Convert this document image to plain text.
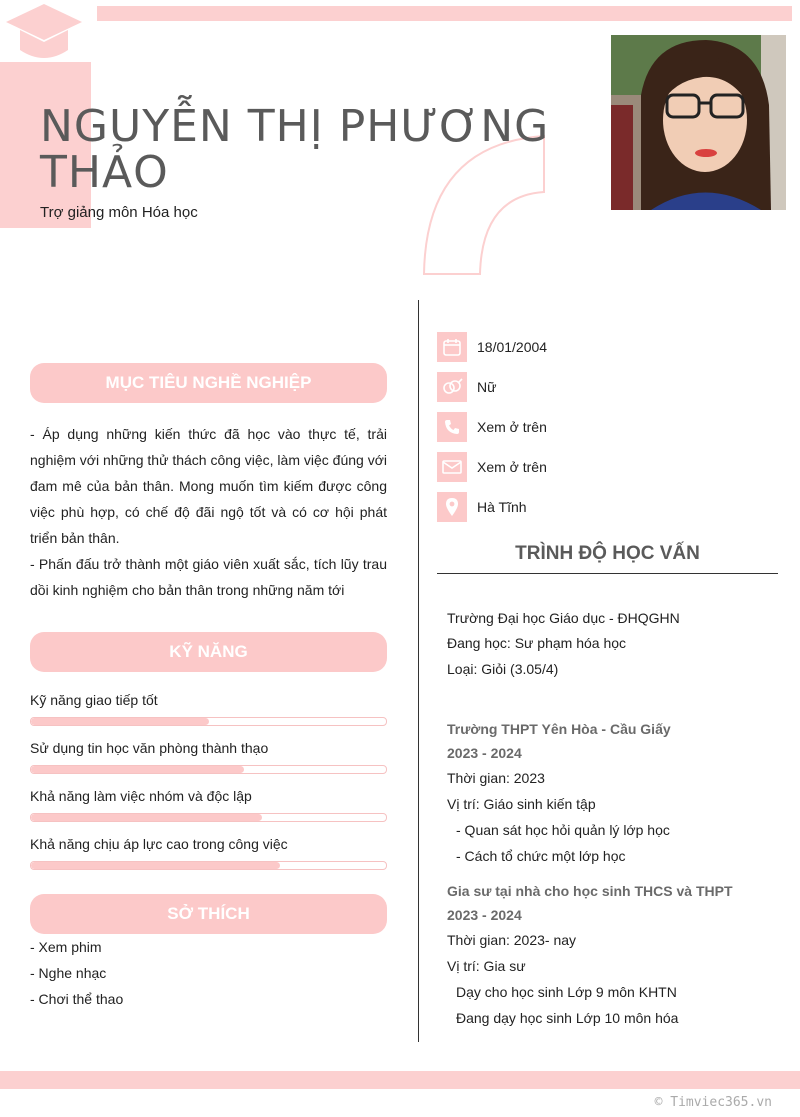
NGUYỄN THỊ PHƯƠNG THẢO
Trợ giảng môn Hóa học
MỤC TIÊU NGHỀ NGHIỆP

- Áp dụng những kiến thức đã học vào thực tế, trải nghiệm với những thử thách công việc, làm việc đúng với đam mê của bản thân. Mong muốn tìm kiếm được công việc phù hợp, có chế độ đãi ngộ tốt và có cơ hội phát triển bản thân.

- Phấn đấu trở thành một giáo viên xuất sắc, tích lũy trau dồi kinh nghiệm cho bản thân trong những năm tới

KỸ NĂNG
Kỹ năng giao tiếp tốt
Sử dụng tin học văn phòng thành thạo
Khả năng làm việc nhóm và độc lập
Khả năng chịu áp lực cao trong công việc
SỞ THÍCH
- Xem phim
- Nghe nhạc
- Chơi thể thao
18/01/2004
Nữ
Xem ở trên
Xem ở trên
Hà Tĩnh
TRÌNH ĐỘ HỌC VẤN
Trường Đại học Giáo dục - ĐHQGHN
Đang học: Sư phạm hóa học
Loại: Giỏi (3.05/4)
Trường THPT Yên Hòa - Cầu Giấy
2023 - 2024
Thời gian: 2023
Vị trí: Giáo sinh kiến tập
- Quan sát học hỏi quản lý lớp học
- Cách tổ chức một lớp học
Gia sư tại nhà cho học sinh THCS và THPT
2023 - 2024
Thời gian: 2023- nay
Vị trí: Gia sư
Dạy cho học sinh Lớp 9 môn KHTN
Đang dạy học sinh Lớp 10 môn hóa
© Timviec365.vn
